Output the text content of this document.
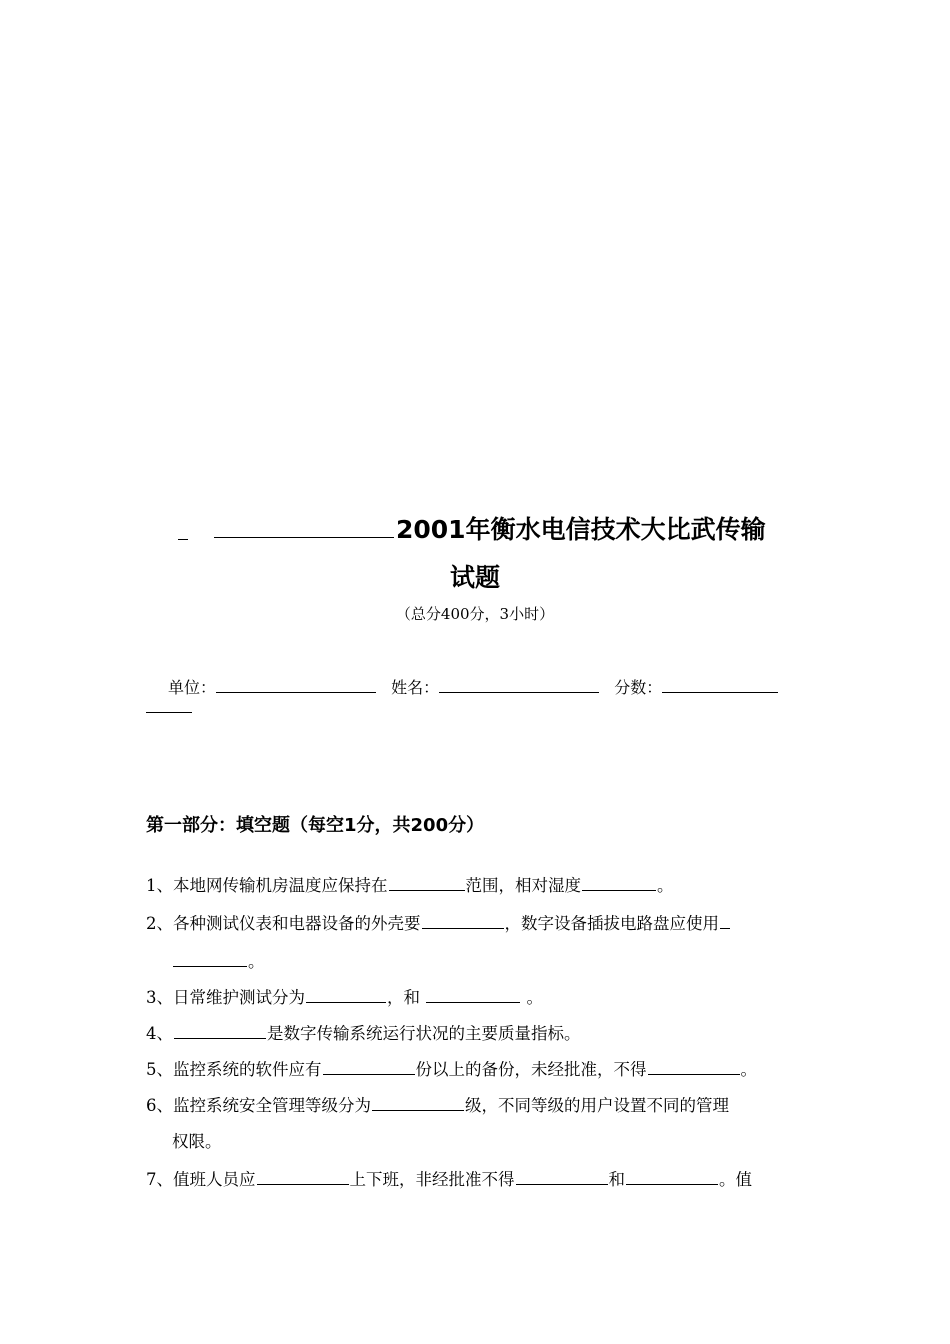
2001年衡水电信技术大比武传输
试题
（总分400分，3小时）
单位：	姓名：	分数：
第一部分：填空题（每空1分，共200分）
1、本地网传输机房温度应保持在	范围，相对湿度	。
2、各种测试仪表和电器设备的外壳要	，数字设备插拔电路盘应使用
。
3、日常维护测试分为	，和	。
4、	是数字传输系统运行状况的主要质量指标。
5、监控系统的软件应有	份以上的备份，未经批准，不得	。
6、监控系统安全管理等级分为	级，不同等级的用户设置不同的管理
权限。
7、值班人员应	上下班，非经批准不得	和	。值
